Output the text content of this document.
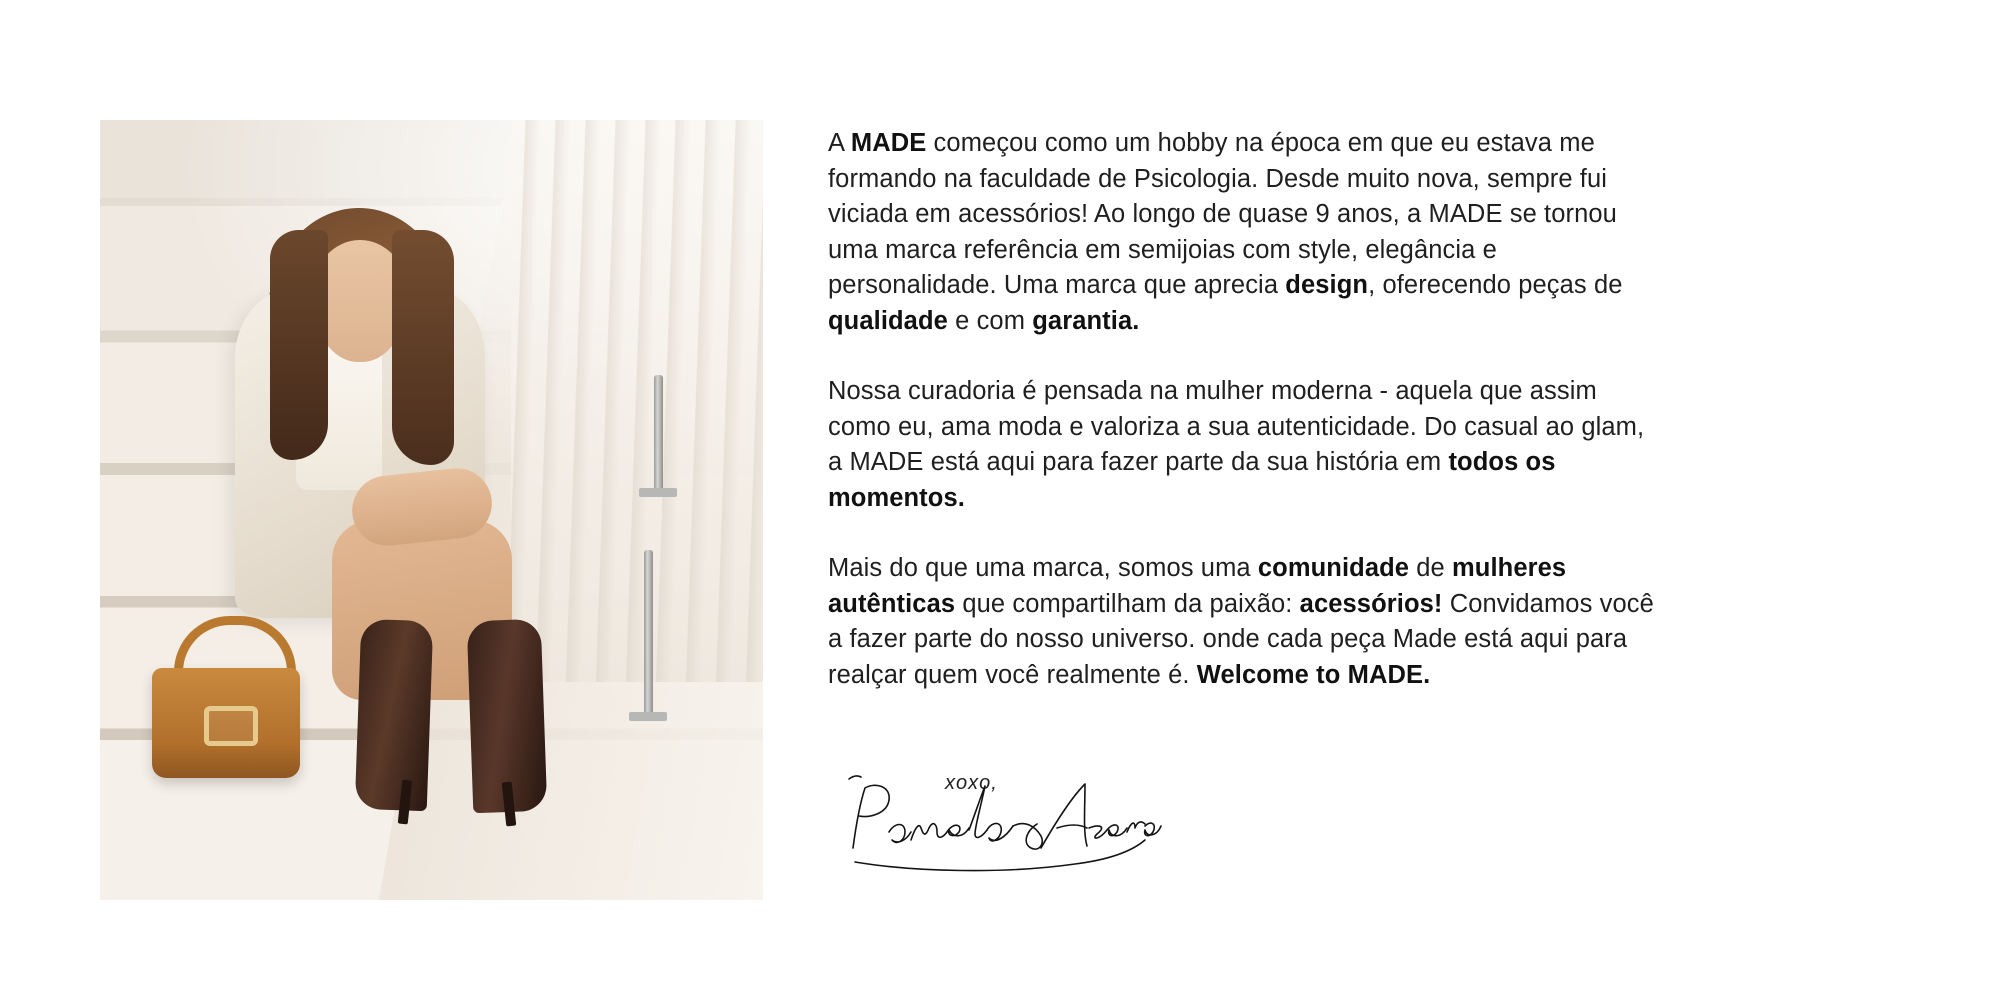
A MADE começou como um hobby na época em que eu estava me formando na faculdade de Psicologia. Desde muito nova, sempre fui viciada em acessórios! Ao longo de quase 9 anos, a MADE se tornou uma marca referência em semijoias com style, elegância e personalidade. Uma marca que aprecia design, oferecendo peças de qualidade e com garantia.

Nossa curadoria é pensada na mulher moderna - aquela que assim como eu, ama moda e valoriza a sua autenticidade. Do casual ao glam, a MADE está aqui para fazer parte da sua história em todos os momentos.

Mais do que uma marca, somos uma comunidade de mulheres autênticas que compartilham da paixão: acessórios! Convidamos você a fazer parte do nosso universo. onde cada peça Made está aqui para realçar quem você realmente é. Welcome to MADE.

xoxo,
